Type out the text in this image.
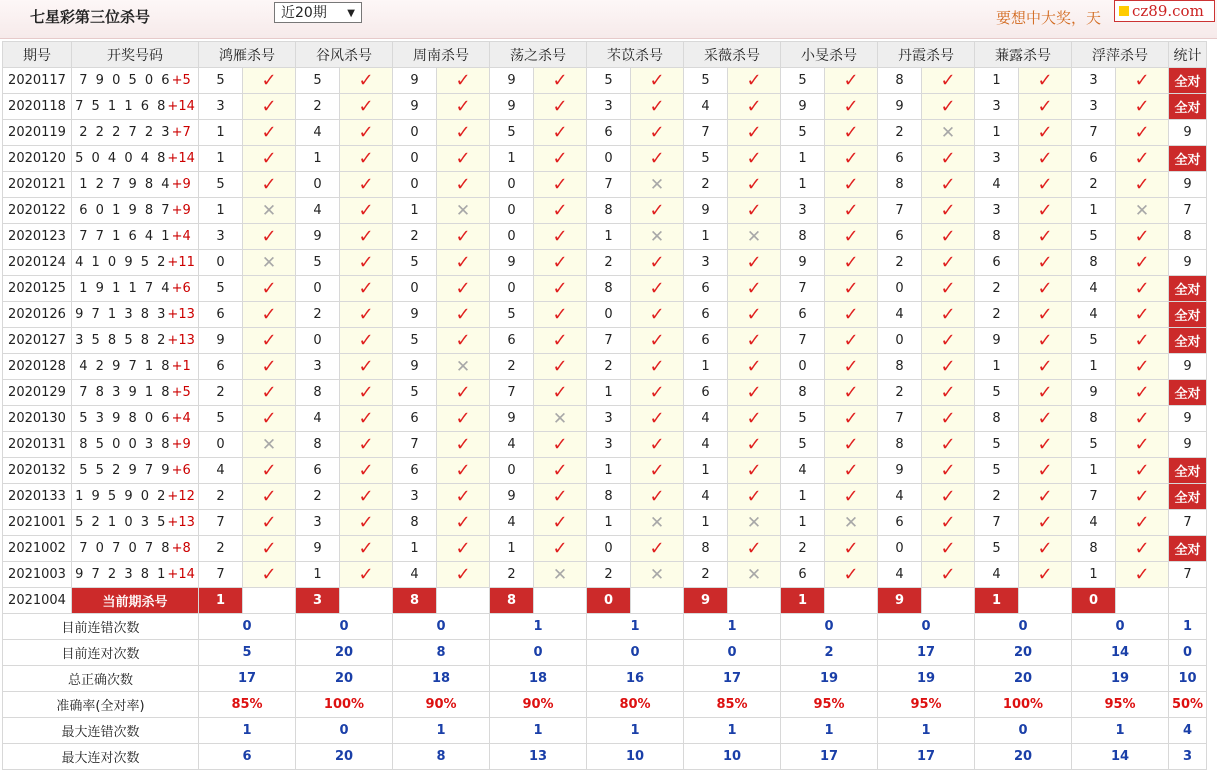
七星彩第三位杀号	近20期 ▼	要想中大奖，天 cz89.com
期号	开奖号码	鸿雁杀号		谷风杀号		周南杀号		荡之杀号		芣苡杀号		采薇杀号		小旻杀号		丹霞杀号		蒹露杀号		浮萍杀号		统计
2020117	7 9 0 5 0 6+5	5	✓	5	✓	9	✓	9	✓	5	✓	5	✓	5	✓	8	✓	1	✓	3	✓	全对
2020118	7 5 1 1 6 8+14	3	✓	2	✓	9	✓	9	✓	3	✓	4	✓	9	✓	9	✓	3	✓	3	✓	全对
2020119	2 2 2 7 2 3+7	1	✓	4	✓	0	✓	5	✓	6	✓	7	✓	5	✓	2	✕	1	✓	7	✓	9
2020120	5 0 4 0 4 8+14	1	✓	1	✓	0	✓	1	✓	0	✓	5	✓	1	✓	6	✓	3	✓	6	✓	全对
2020121	1 2 7 9 8 4+9	5	✓	0	✓	0	✓	0	✓	7	✕	2	✓	1	✓	8	✓	4	✓	2	✓	9
2020122	6 0 1 9 8 7+9	1	✕	4	✓	1	✕	0	✓	8	✓	9	✓	3	✓	7	✓	3	✓	1	✕	7
2020123	7 7 1 6 4 1+4	3	✓	9	✓	2	✓	0	✓	1	✕	1	✕	8	✓	6	✓	8	✓	5	✓	8
2020124	4 1 0 9 5 2+11	0	✕	5	✓	5	✓	9	✓	2	✓	3	✓	9	✓	2	✓	6	✓	8	✓	9
2020125	1 9 1 1 7 4+6	5	✓	0	✓	0	✓	0	✓	8	✓	6	✓	7	✓	0	✓	2	✓	4	✓	全对
2020126	9 7 1 3 8 3+13	6	✓	2	✓	9	✓	5	✓	0	✓	6	✓	6	✓	4	✓	2	✓	4	✓	全对
2020127	3 5 8 5 8 2+13	9	✓	0	✓	5	✓	6	✓	7	✓	6	✓	7	✓	0	✓	9	✓	5	✓	全对
2020128	4 2 9 7 1 8+1	6	✓	3	✓	9	✕	2	✓	2	✓	1	✓	0	✓	8	✓	1	✓	1	✓	9
2020129	7 8 3 9 1 8+5	2	✓	8	✓	5	✓	7	✓	1	✓	6	✓	8	✓	2	✓	5	✓	9	✓	全对
2020130	5 3 9 8 0 6+4	5	✓	4	✓	6	✓	9	✕	3	✓	4	✓	5	✓	7	✓	8	✓	8	✓	9
2020131	8 5 0 0 3 8+9	0	✕	8	✓	7	✓	4	✓	3	✓	4	✓	5	✓	8	✓	5	✓	5	✓	9
2020132	5 5 2 9 7 9+6	4	✓	6	✓	6	✓	0	✓	1	✓	1	✓	4	✓	9	✓	5	✓	1	✓	全对
2020133	1 9 5 9 0 2+12	2	✓	2	✓	3	✓	9	✓	8	✓	4	✓	1	✓	4	✓	2	✓	7	✓	全对
2021001	5 2 1 0 3 5+13	7	✓	3	✓	8	✓	4	✓	1	✕	1	✕	1	✕	6	✓	7	✓	4	✓	7
2021002	7 0 7 0 7 8+8	2	✓	9	✓	1	✓	1	✓	0	✓	8	✓	2	✓	0	✓	5	✓	8	✓	全对
2021003	9 7 2 3 8 1+14	7	✓	1	✓	4	✓	2	✕	2	✕	2	✕	6	✓	4	✓	4	✓	1	✓	7
2021004	当前期杀号	1		3		8		8		0		9		1		9		1		0		
目前连错次数		0		0		0		1		1		1		0		0		0		0		1
目前连对次数		5		20		8		0		0		0		2		17		20		14		0
总正确次数		17		20		18		18		16		17		19		19		20		19		10
准确率(全对率)		85%		100%		90%		90%		80%		85%		95%		95%		100%		95%		50%
最大连错次数		1		0		1		1		1		1		1		1		0		1		4
最大连对次数		6		20		8		13		10		10		17		17		20		14		3
